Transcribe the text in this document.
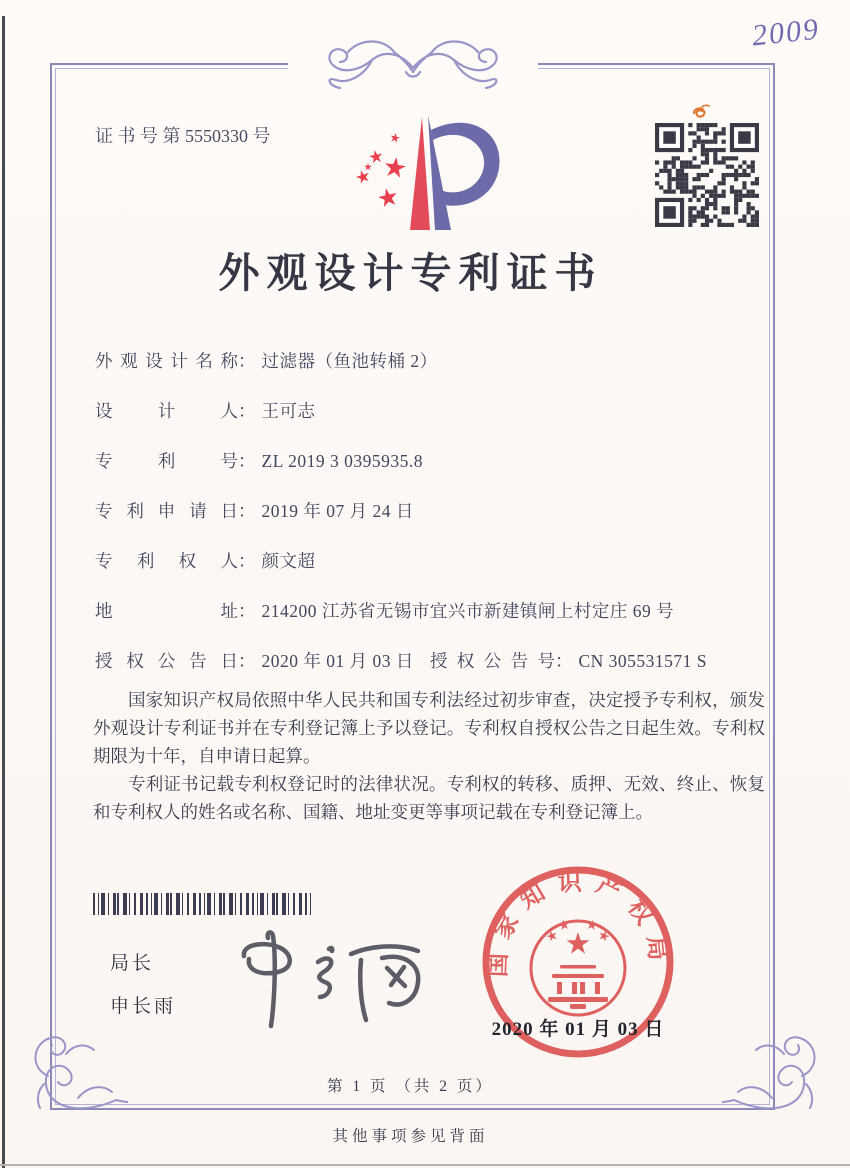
证 书 号 第 5550330 号
2009
外观设计专利证书
外观设计名称： 过滤器（鱼池转桶 2）
设计人： 王可志
专利号： ZL 2019 3 0395935.8
专利申请日： 2019 年 07 月 24 日
专利权人： 颜文超
地址： 214200 江苏省无锡市宜兴市新建镇闸上村定庄 69 号
授权公告日： 2020 年 01 月 03 日 授权公告号： CN 305531571 S

国家知识产权局依照中华人民共和国专利法经过初步审查，决定授予专利权，颁发外观设计专利证书并在专利登记簿上予以登记。专利权自授权公告之日起生效。专利权期限为十年，自申请日起算。

专利证书记载专利权登记时的法律状况。专利权的转移、质押、无效、终止、恢复和专利权人的姓名或名称、国籍、地址变更等事项记载在专利登记簿上。

局长
申长雨
国家知识产权局
2020 年 01 月 03 日
第 1 页 （共 2 页）
其他事项参见背面
